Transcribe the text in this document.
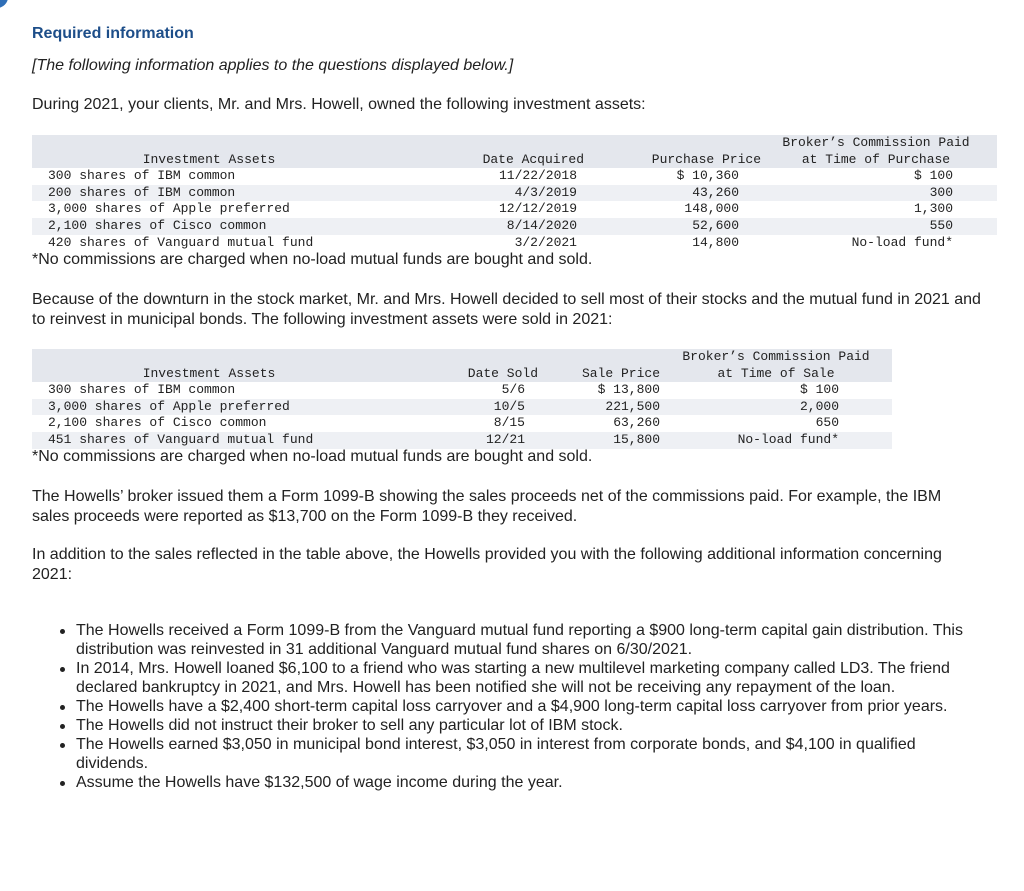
Required information

[The following information applies to the questions displayed below.]

During 2021, your clients, Mr. and Mrs. Howell, owned the following investment assets:

Investment Assets	Date Acquired	Purchase Price	Broker’s Commission Paid
at Time of Purchase

300 shares of IBM common	11/22/2018	$ 10,360	$ 100
200 shares of IBM common	4/3/2019	43,260	300
3,000 shares of Apple preferred	12/12/2019	148,000	1,300
2,100 shares of Cisco common	8/14/2020	52,600	550
420 shares of Vanguard mutual fund	3/2/2021	14,800	No-load fund*

*No commissions are charged when no-load mutual funds are bought and sold.

Because of the downturn in the stock market, Mr. and Mrs. Howell decided to sell most of their stocks and the mutual fund in 2021 and to reinvest in municipal bonds. The following investment assets were sold in 2021:

Investment Assets	Date Sold	Sale Price	Broker’s Commission Paid
at Time of Sale

300 shares of IBM common	5/6	$ 13,800	$ 100
3,000 shares of Apple preferred	10/5	221,500	2,000
2,100 shares of Cisco common	8/15	63,260	650
451 shares of Vanguard mutual fund	12/21	15,800	No-load fund*

*No commissions are charged when no-load mutual funds are bought and sold.

The Howells’ broker issued them a Form 1099-B showing the sales proceeds net of the commissions paid. For example, the IBM sales proceeds were reported as $13,700 on the Form 1099-B they received.

In addition to the sales reflected in the table above, the Howells provided you with the following additional information concerning 2021:

The Howells received a Form 1099-B from the Vanguard mutual fund reporting a $900 long-term capital gain distribution. This distribution was reinvested in 31 additional Vanguard mutual fund shares on 6/30/2021.
In 2014, Mrs. Howell loaned $6,100 to a friend who was starting a new multilevel marketing company called LD3. The friend declared bankruptcy in 2021, and Mrs. Howell has been notified she will not be receiving any repayment of the loan.
The Howells have a $2,400 short-term capital loss carryover and a $4,900 long-term capital loss carryover from prior years.
The Howells did not instruct their broker to sell any particular lot of IBM stock.
The Howells earned $3,050 in municipal bond interest, $3,050 in interest from corporate bonds, and $4,100 in qualified dividends.
Assume the Howells have $132,500 of wage income during the year.
